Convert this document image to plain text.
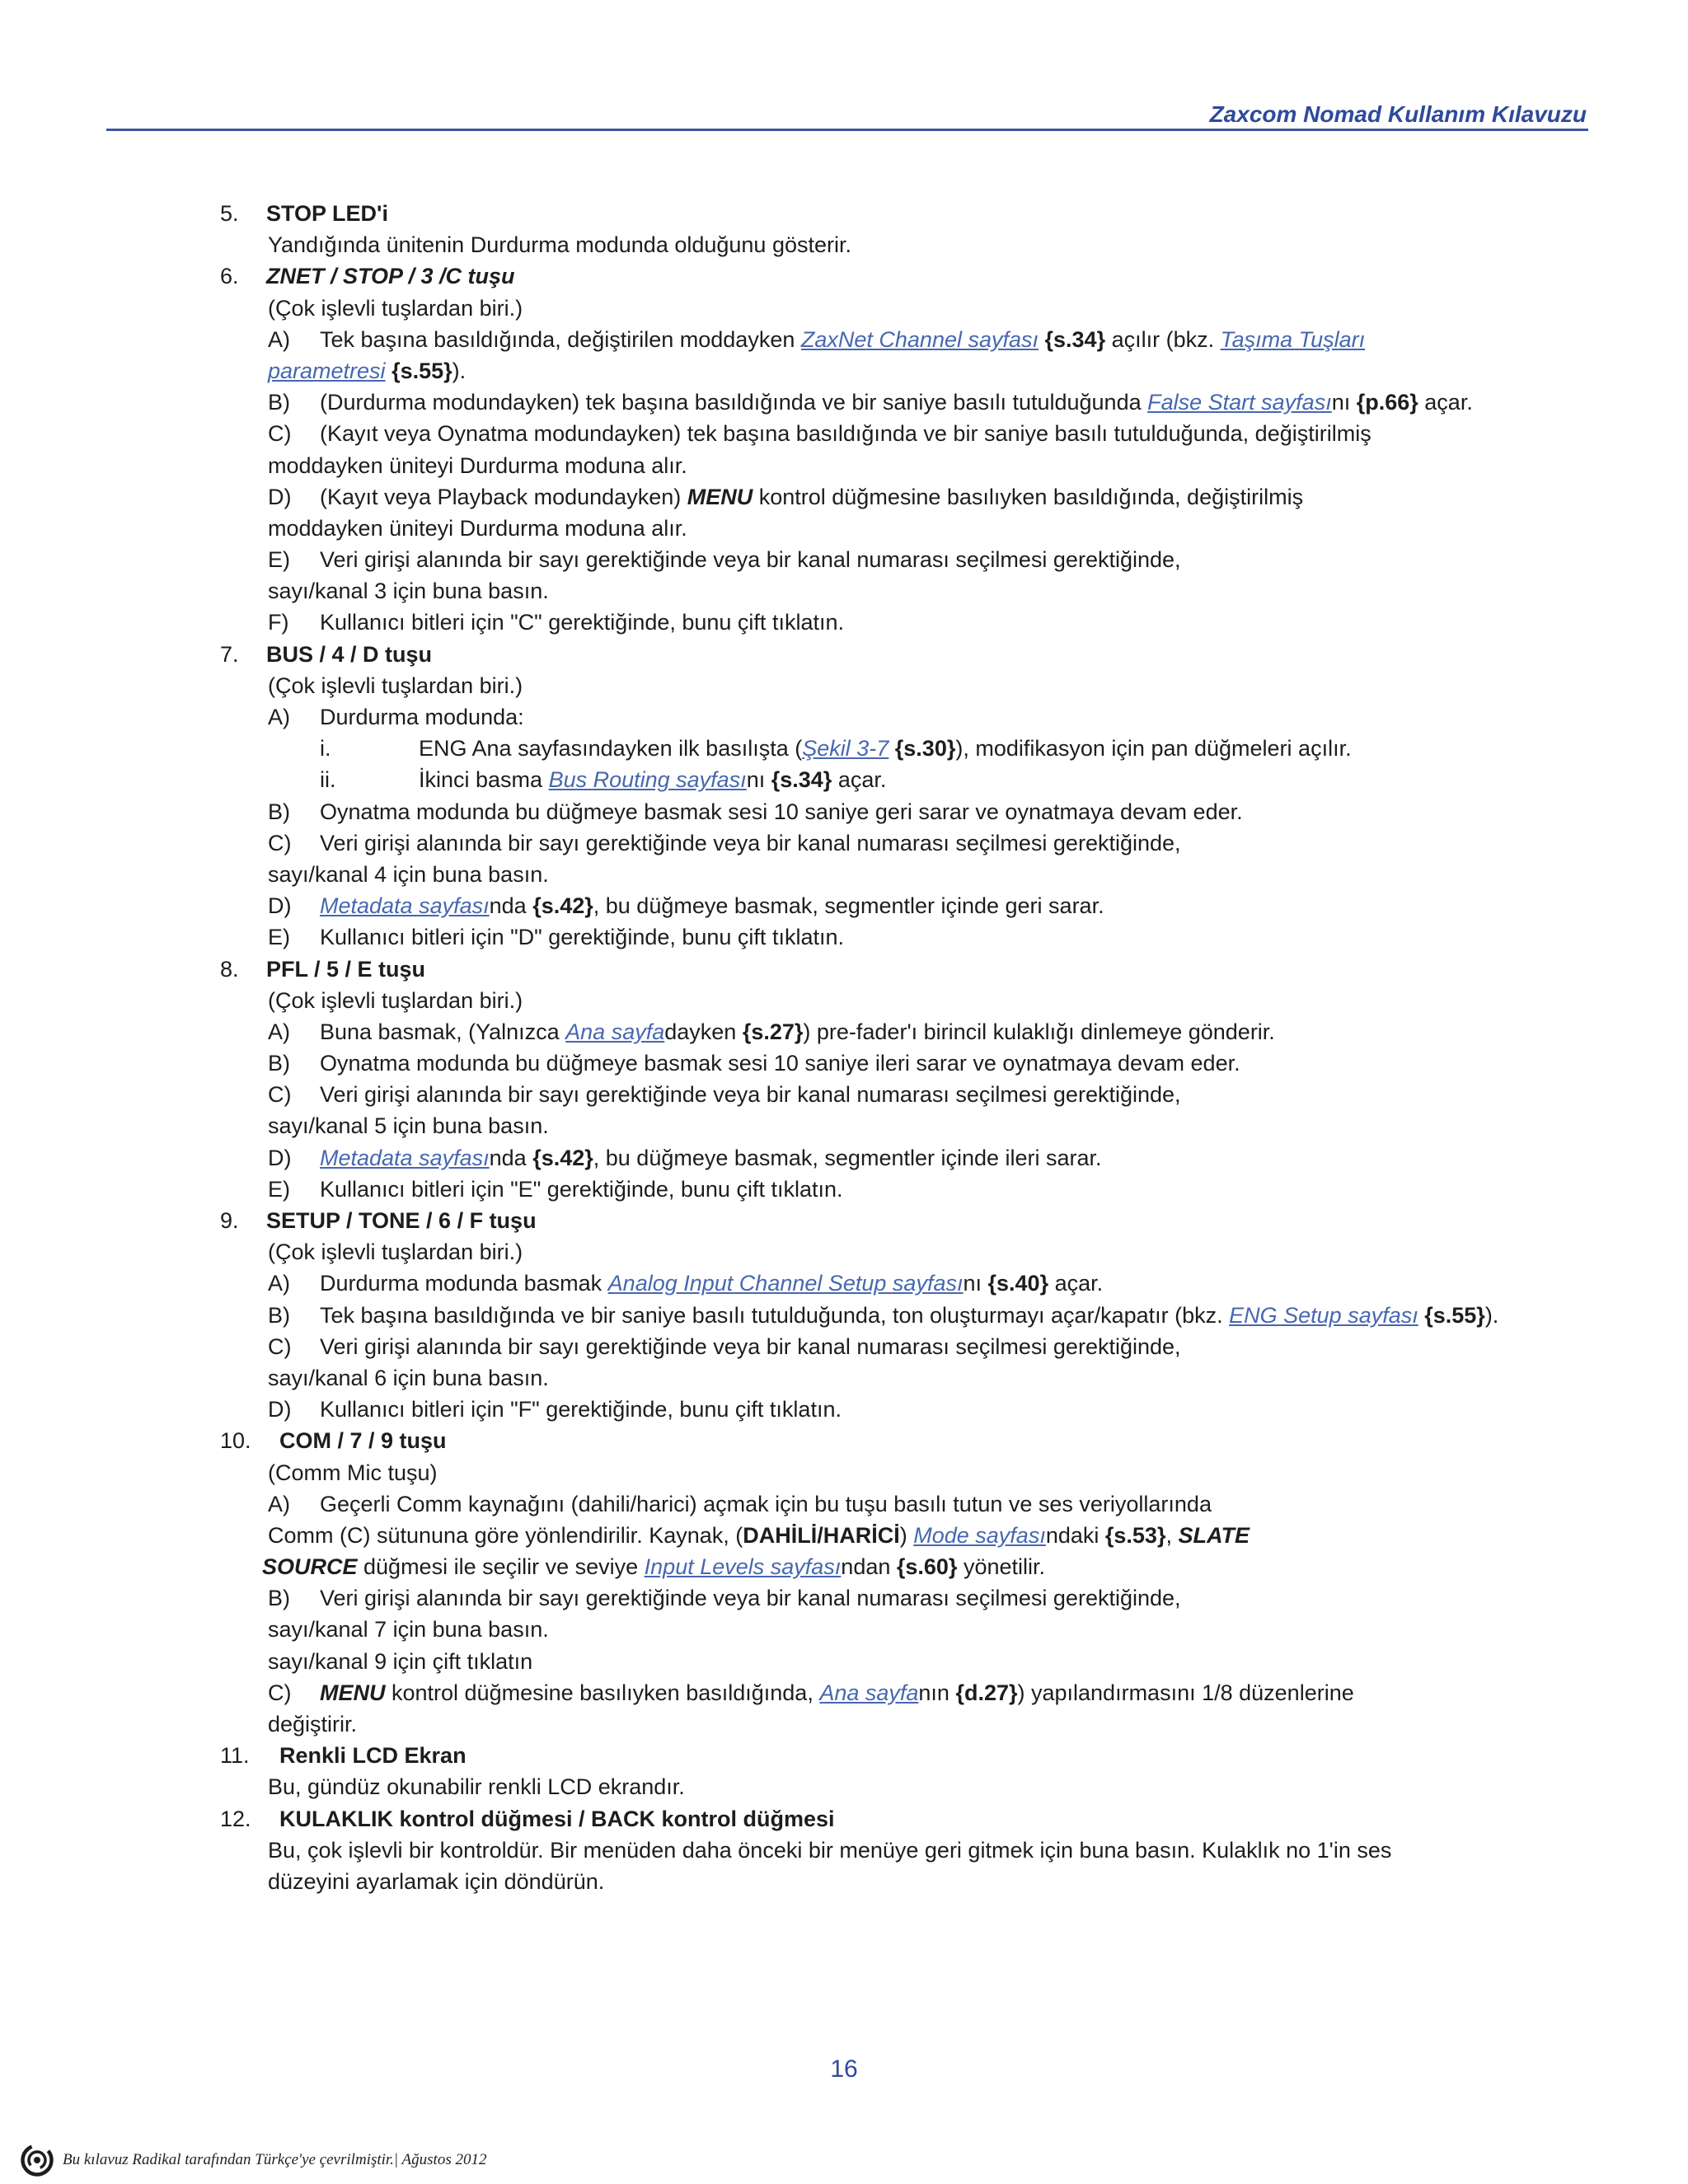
Zaxcom Nomad Kullanım Kılavuzu
5. STOP LED'i
Yandığında ünitenin Durdurma modunda olduğunu gösterir.
6. ZNET / STOP / 3 /C tuşu
(Çok işlevli tuşlardan biri.)
A) Tek başına basıldığında, değiştirilen moddayken ZaxNet Channel sayfası {s.34} açılır (bkz. Taşıma Tuşları
parametresi {s.55}).
B) (Durdurma modundayken) tek başına basıldığında ve bir saniye basılı tutulduğunda False Start sayfasını {p.66} açar.
C) (Kayıt veya Oynatma modundayken) tek başına basıldığında ve bir saniye basılı tutulduğunda, değiştirilmiş
moddayken üniteyi Durdurma moduna alır.
D) (Kayıt veya Playback modundayken) MENU kontrol düğmesine basılıyken basıldığında, değiştirilmiş
moddayken üniteyi Durdurma moduna alır.
E) Veri girişi alanında bir sayı gerektiğinde veya bir kanal numarası seçilmesi gerektiğinde,
sayı/kanal 3 için buna basın.
F) Kullanıcı bitleri için "C" gerektiğinde, bunu çift tıklatın.
7. BUS / 4 / D tuşu
(Çok işlevli tuşlardan biri.)
A) Durdurma modunda:
i.	ENG Ana sayfasındayken ilk basılışta (Şekil 3-7 {s.30}), modifikasyon için pan düğmeleri açılır.
ii.	İkinci basma Bus Routing sayfasını {s.34} açar.
B) Oynatma modunda bu düğmeye basmak sesi 10 saniye geri sarar ve oynatmaya devam eder.
C) Veri girişi alanında bir sayı gerektiğinde veya bir kanal numarası seçilmesi gerektiğinde,
sayı/kanal 4 için buna basın.
D) Metadata sayfasında {s.42}, bu düğmeye basmak, segmentler içinde geri sarar.
E) Kullanıcı bitleri için "D" gerektiğinde, bunu çift tıklatın.
8. PFL / 5 / E tuşu
(Çok işlevli tuşlardan biri.)
A) Buna basmak, (Yalnızca Ana sayfadayken {s.27}) pre-fader'ı birincil kulaklığı dinlemeye gönderir.
B) Oynatma modunda bu düğmeye basmak sesi 10 saniye ileri sarar ve oynatmaya devam eder.
C) Veri girişi alanında bir sayı gerektiğinde veya bir kanal numarası seçilmesi gerektiğinde,
sayı/kanal 5 için buna basın.
D) Metadata sayfasında {s.42}, bu düğmeye basmak, segmentler içinde ileri sarar.
E) Kullanıcı bitleri için "E" gerektiğinde, bunu çift tıklatın.
9. SETUP / TONE / 6 / F tuşu
(Çok işlevli tuşlardan biri.)
A) Durdurma modunda basmak Analog Input Channel Setup sayfasını {s.40} açar.
B) Tek başına basıldığında ve bir saniye basılı tutulduğunda, ton oluşturmayı açar/kapatır (bkz. ENG Setup sayfası {s.55}).
C) Veri girişi alanında bir sayı gerektiğinde veya bir kanal numarası seçilmesi gerektiğinde,
sayı/kanal 6 için buna basın.
D) Kullanıcı bitleri için "F" gerektiğinde, bunu çift tıklatın.
10. COM / 7 / 9 tuşu
(Comm Mic tuşu)
A) Geçerli Comm kaynağını (dahili/harici) açmak için bu tuşu basılı tutun ve ses veriyollarında
Comm (C) sütununa göre yönlendirilir. Kaynak, (DAHİLİ/HARİCİ) Mode sayfasındaki {s.53}, SLATE
SOURCE düğmesi ile seçilir ve seviye Input Levels sayfasından {s.60} yönetilir.
B) Veri girişi alanında bir sayı gerektiğinde veya bir kanal numarası seçilmesi gerektiğinde,
sayı/kanal 7 için buna basın.
sayı/kanal 9 için çift tıklatın
C) MENU kontrol düğmesine basılıyken basıldığında, Ana sayfanın {d.27}) yapılandırmasını 1/8 düzenlerine
değiştirir.
11. Renkli LCD Ekran
Bu, gündüz okunabilir renkli LCD ekrandır.
12. KULAKLIK kontrol düğmesi / BACK kontrol düğmesi
Bu, çok işlevli bir kontroldür. Bir menüden daha önceki bir menüye geri gitmek için buna basın. Kulaklık no 1'in ses
düzeyini ayarlamak için döndürün.
16
Bu kılavuz Radikal tarafından Türkçe'ye çevrilmiştir.| Ağustos 2012
